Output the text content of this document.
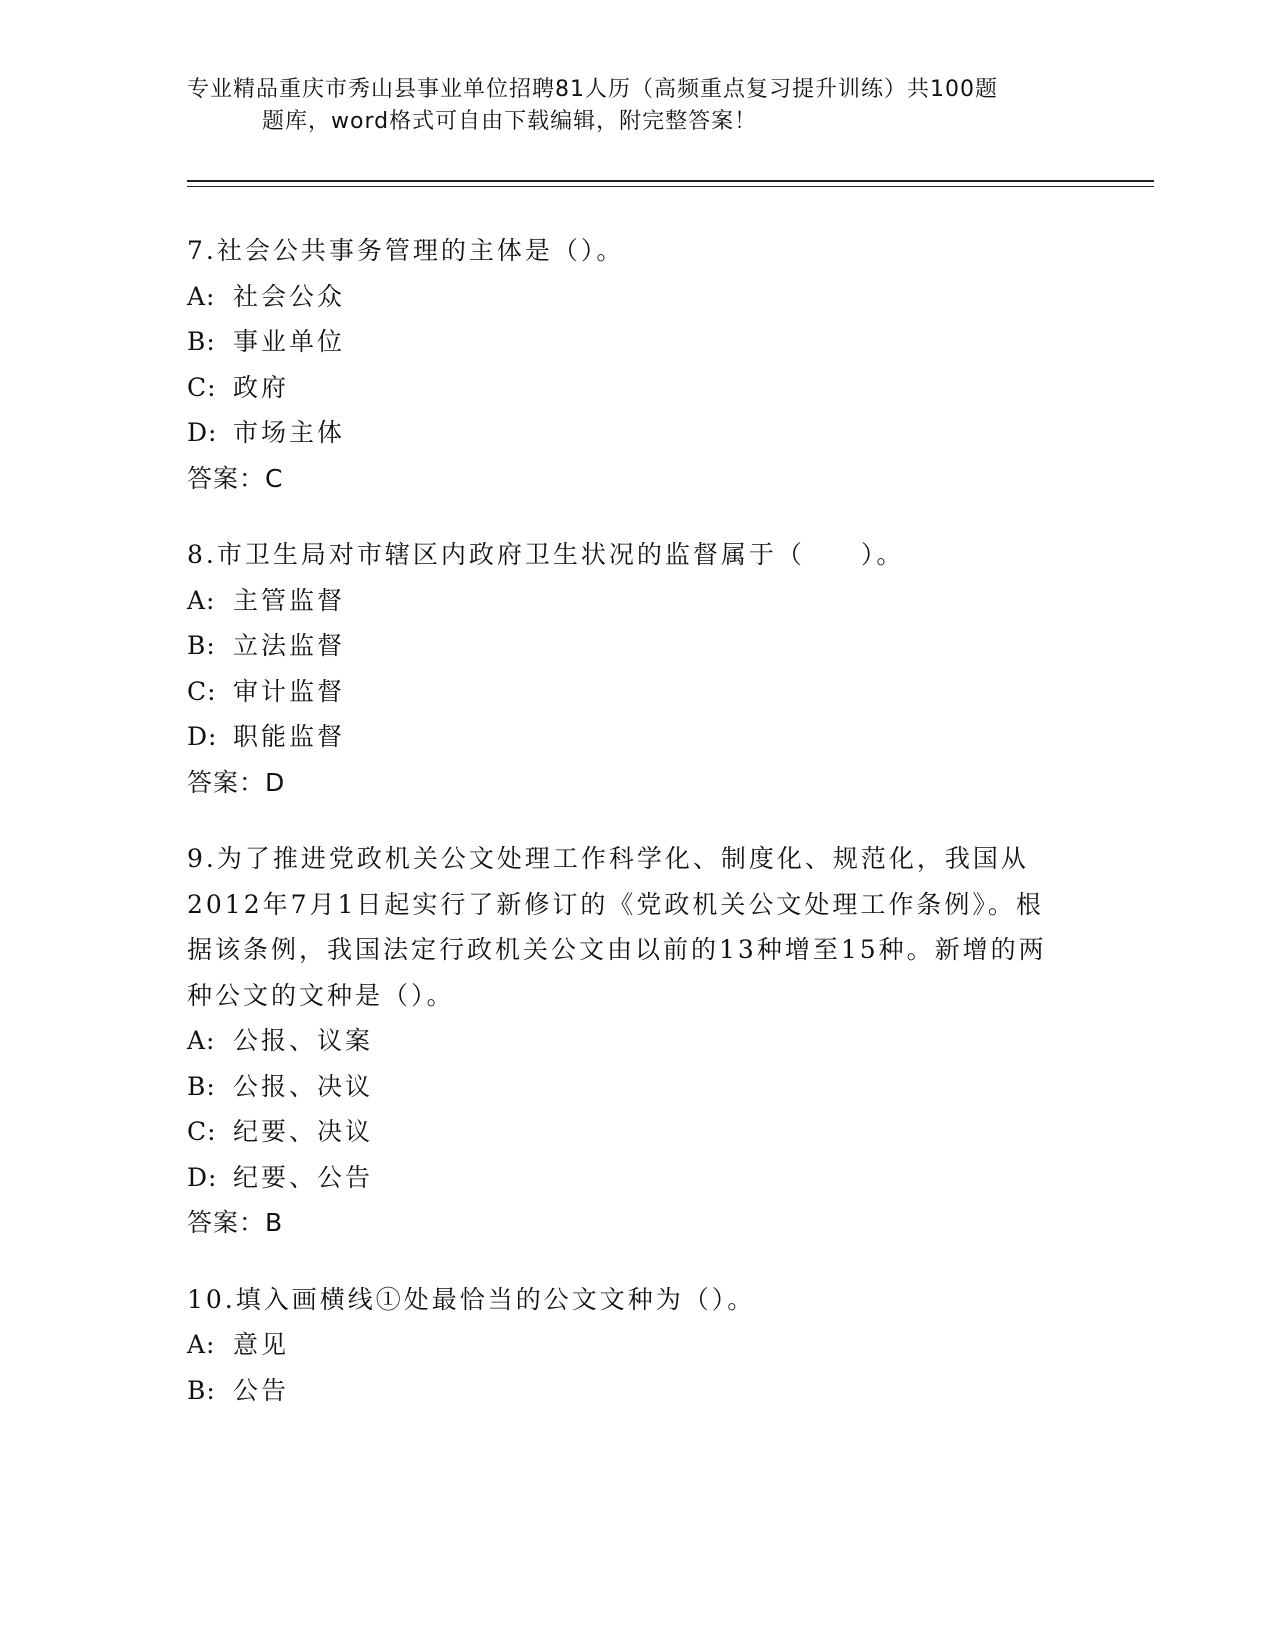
专业精品重庆市秀山县事业单位招聘81人历（高频重点复习提升训练）共100题
题库，word格式可自由下载编辑，附完整答案！

7.社会公共事务管理的主体是（）。

A: 社会公众

B: 事业单位

C: 政府

D: 市场主体

答案：C

8.市卫生局对市辖区内政府卫生状况的监督属于（　　）。

A: 主管监督

B: 立法监督

C: 审计监督

D: 职能监督

答案：D

9.为了推进党政机关公文处理工作科学化、制度化、规范化，我国从2012年7月1日起实行了新修订的《党政机关公文处理工作条例》。根据该条例，我国法定行政机关公文由以前的13种增至15种。新增的两种公文的文种是（）。

A: 公报、议案

B: 公报、决议

C: 纪要、决议

D: 纪要、公告

答案：B

10.填入画横线①处最恰当的公文文种为（）。

A: 意见

B: 公告
